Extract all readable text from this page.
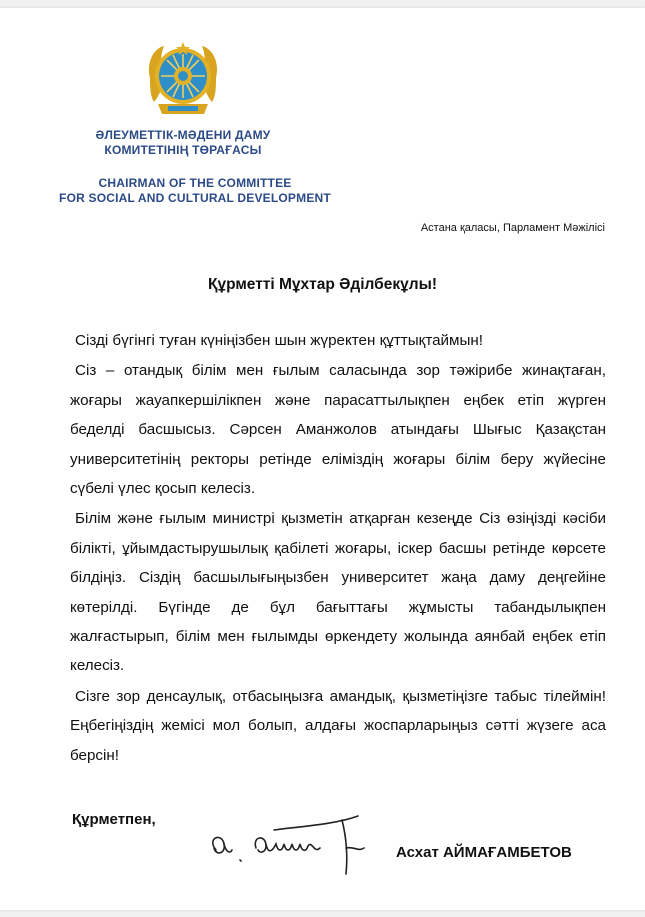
ӘЛЕУМЕТТІК-МӘДЕНИ ДАМУ
КОМИТЕТІНІҢ ТӨРАҒАСЫ
CHAIRMAN OF THE COMMITTEE
FOR SOCIAL AND CULTURAL DEVELOPMENT
Астана қаласы, Парламент Мәжілісі
Құрметті Мұхтар Әділбекұлы!

Сізді бүгінгі туған күніңізбен шын жүректен құттықтаймын!

Сіз – отандық білім мен ғылым саласында зор тәжірибе жинақтаған, жоғары жауапкершілікпен және парасаттылықпен еңбек етіп жүрген беделді басшысыз. Сәрсен Аманжолов атындағы Шығыс Қазақстан университетінің ректоры ретінде еліміздің жоғары білім беру жүйесіне сүбелі үлес қосып келесіз.

Білім және ғылым министрі қызметін атқарған кезеңде Сіз өзіңізді кәсіби білікті, ұйымдастырушылық қабілеті жоғары, іскер басшы ретінде көрсете білдіңіз. Сіздің басшылығыңызбен университет жаңа даму деңгейіне көтерілді. Бүгінде де бұл бағыттағы жұмысты табандылықпен жалғастырып, білім мен ғылымды өркендету жолында аянбай еңбек етіп келесіз.

Сізге зор денсаулық, отбасыңызға амандық, қызметіңізге табыс тілеймін! Еңбегіңіздің жемісі мол болып, алдағы жоспарларыңыз сәтті жүзеге аса берсін!

Құрметпен,
Асхат АЙМАҒАМБЕТОВ
